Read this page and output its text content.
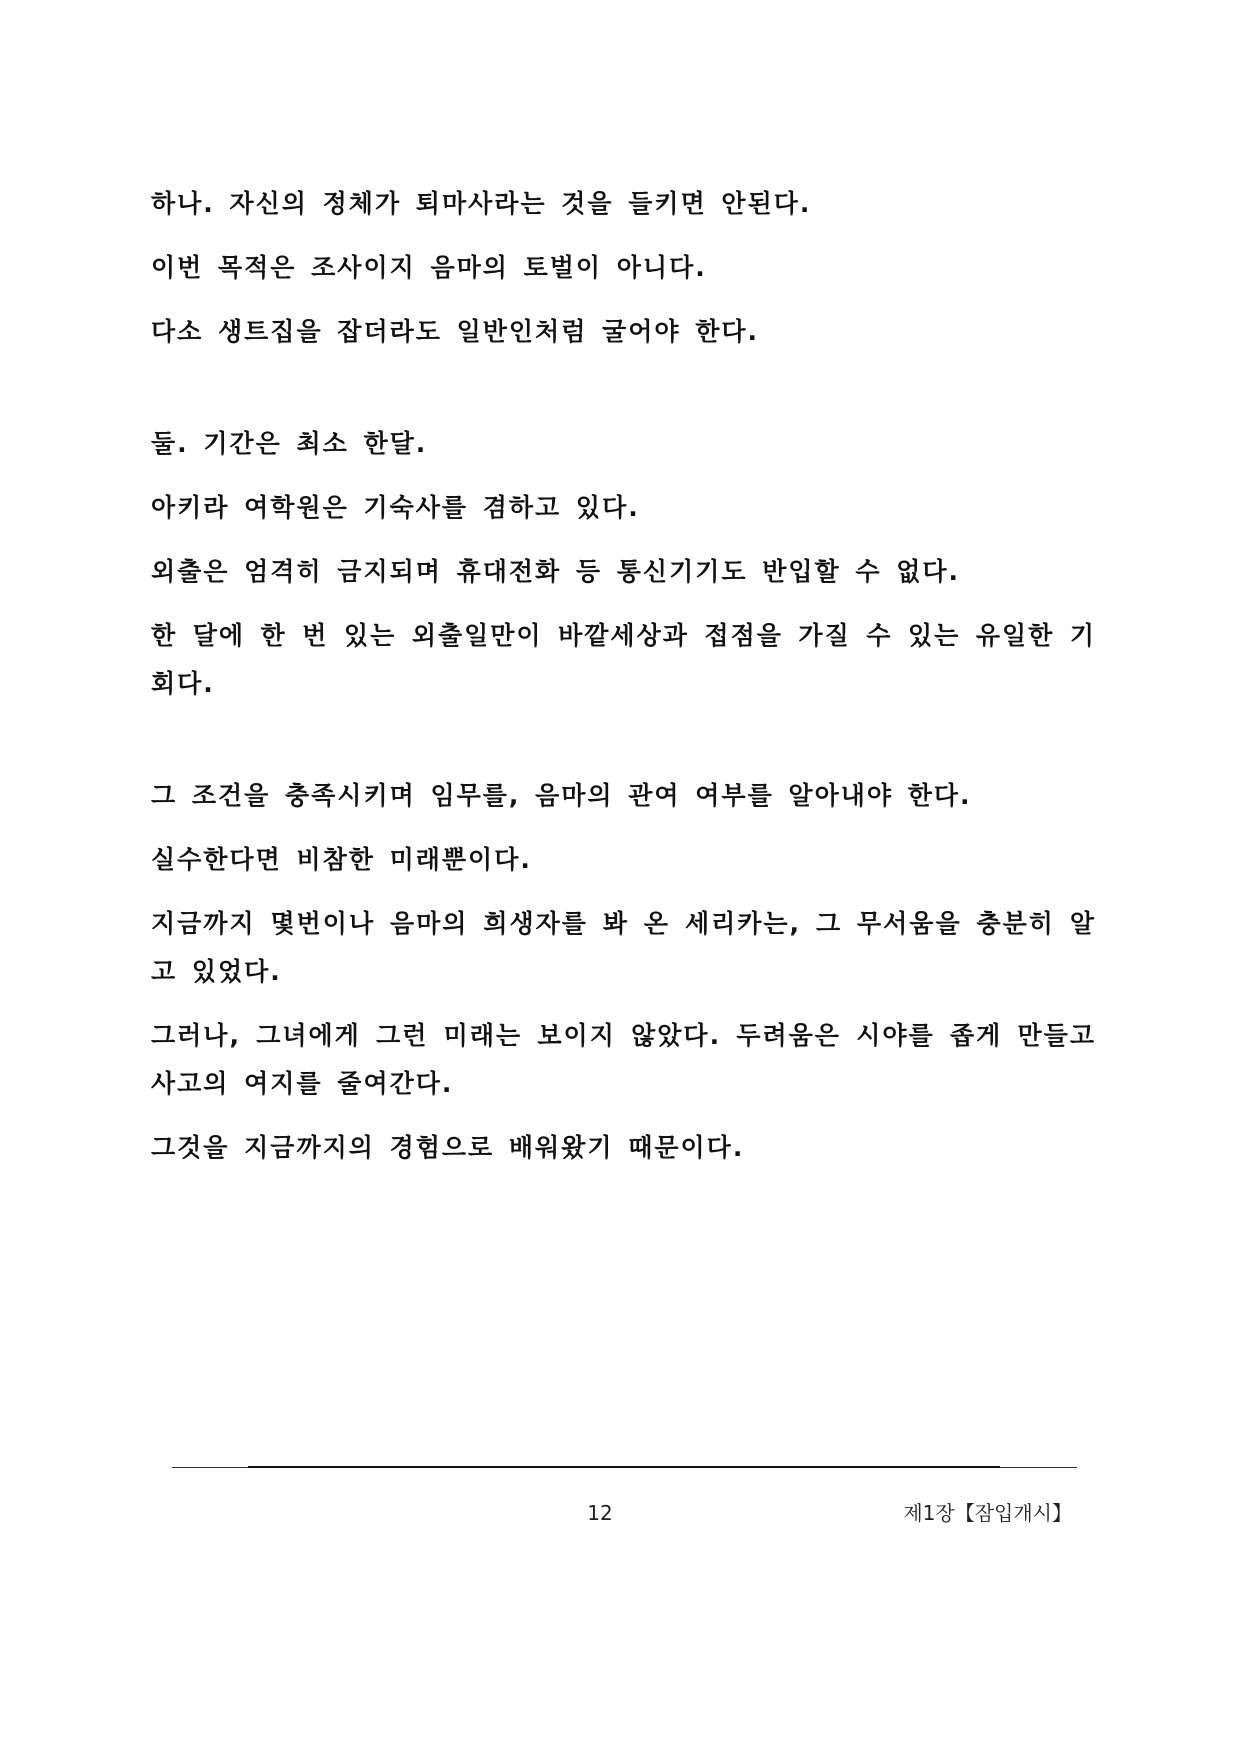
하나. 자신의 정체가 퇴마사라는 것을 들키면 안된다.

이번 목적은 조사이지 음마의 토벌이 아니다.

다소 생트집을 잡더라도 일반인처럼 굴어야 한다.

둘. 기간은 최소 한달.

아키라 여학원은 기숙사를 겸하고 있다.

외출은 엄격히 금지되며 휴대전화 등 통신기기도 반입할 수 없다.

한 달에 한 번 있는 외출일만이 바깥세상과 접점을 가질 수 있는 유일한 기회다.

그 조건을 충족시키며 임무를, 음마의 관여 여부를 알아내야 한다.

실수한다면 비참한 미래뿐이다.

지금까지 몇번이나 음마의 희생자를 봐 온 세리카는, 그 무서움을 충분히 알고 있었다.

그러나, 그녀에게 그런 미래는 보이지 않았다. 두려움은 시야를 좁게 만들고 사고의 여지를 줄여간다.

그것을 지금까지의 경험으로 배워왔기 때문이다.

12	제1장【잠입개시】
